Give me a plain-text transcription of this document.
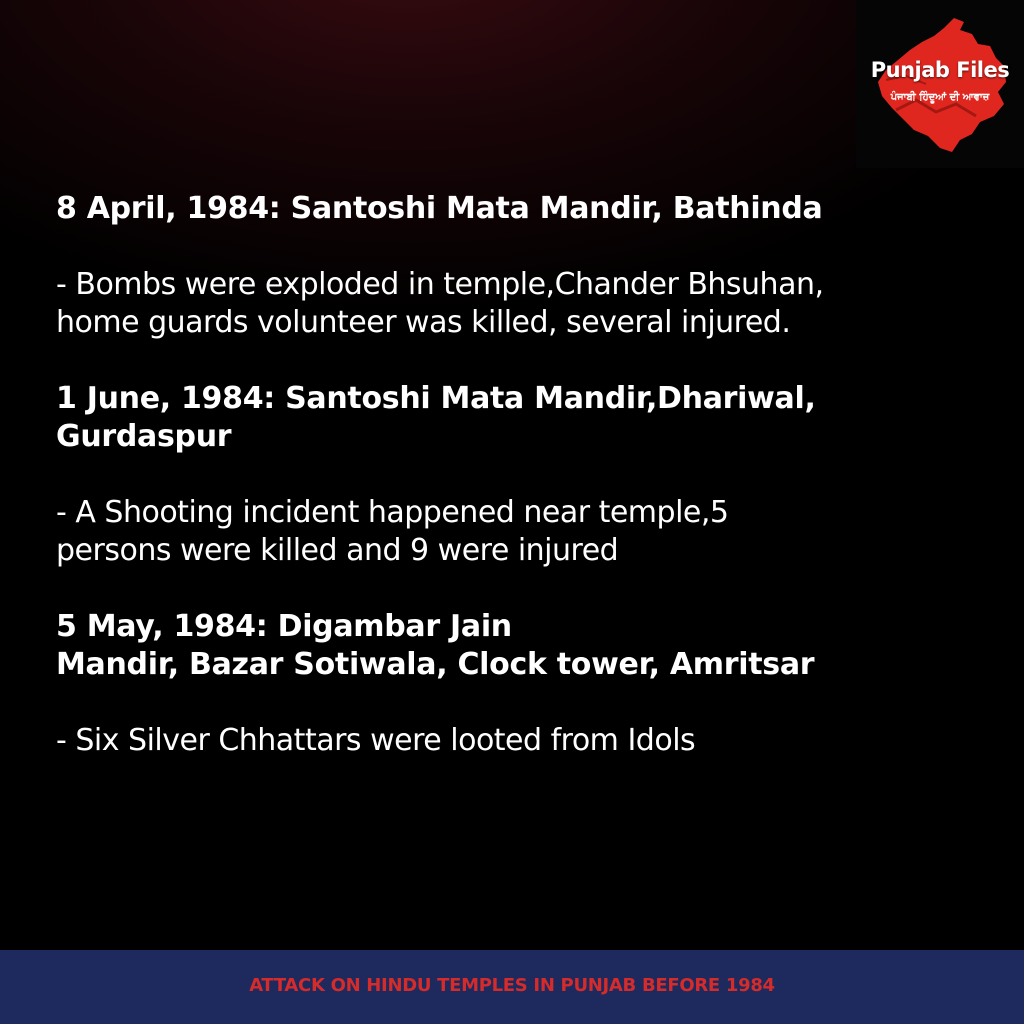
Punjab Files
ਪੰਜਾਬੀ ਹਿੰਦੂਆਂ ਦੀ ਆਵਾਜ਼

8 April, 1984: Santoshi Mata Mandir, Bathinda

- Bombs were exploded in temple,Chander Bhsuhan,

home guards volunteer was killed, several injured.

1 June, 1984: Santoshi Mata Mandir,Dhariwal,

Gurdaspur

- A Shooting incident happened near temple,5

persons were killed and 9 were injured

5 May, 1984: Digambar Jain

Mandir, Bazar Sotiwala, Clock tower, Amritsar

- Six Silver Chhattars were looted from Idols

ATTACK ON HINDU TEMPLES IN PUNJAB BEFORE 1984
